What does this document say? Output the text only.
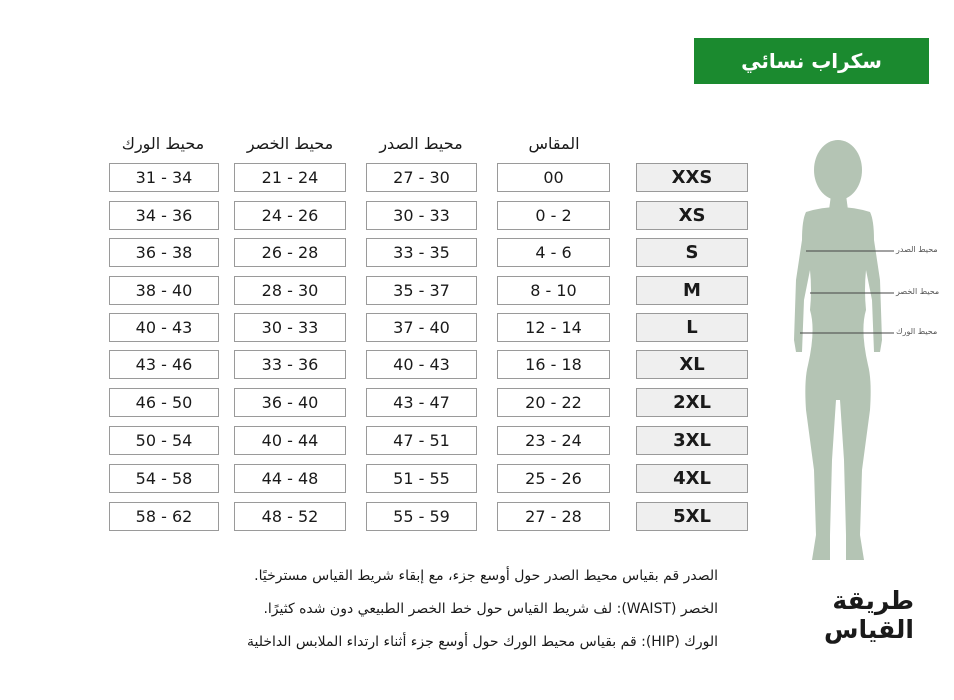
سكراب نسائي
محيط الورك	محيط الخصر	محيط الصدر	المقاس
31 - 34	21 - 24	27 - 30	00	XXS
34 - 36	24 - 26	30 - 33	0 - 2	XS
36 - 38	26 - 28	33 - 35	4 - 6	S
38 - 40	28 - 30	35 - 37	8 - 10	M
40 - 43	30 - 33	37 - 40	12 - 14	L
43 - 46	33 - 36	40 - 43	16 - 18	XL
46 - 50	36 - 40	43 - 47	20 - 22	2XL
50 - 54	40 - 44	47 - 51	23 - 24	3XL
54 - 58	44 - 48	51 - 55	25 - 26	4XL
58 - 62	48 - 52	55 - 59	27 - 28	5XL
محيط الصدر
محيط الخصر
محيط الورك
طريقة القياس
الصدر قم بقياس محيط الصدر حول أوسع جزء، مع إبقاء شريط القياس مسترخيًا.
الخصر (WAIST): لف شريط القياس حول خط الخصر الطبيعي دون شده كثيرًا.
الورك (HIP): قم بقياس محيط الورك حول أوسع جزء أثناء ارتداء الملابس الداخلية
